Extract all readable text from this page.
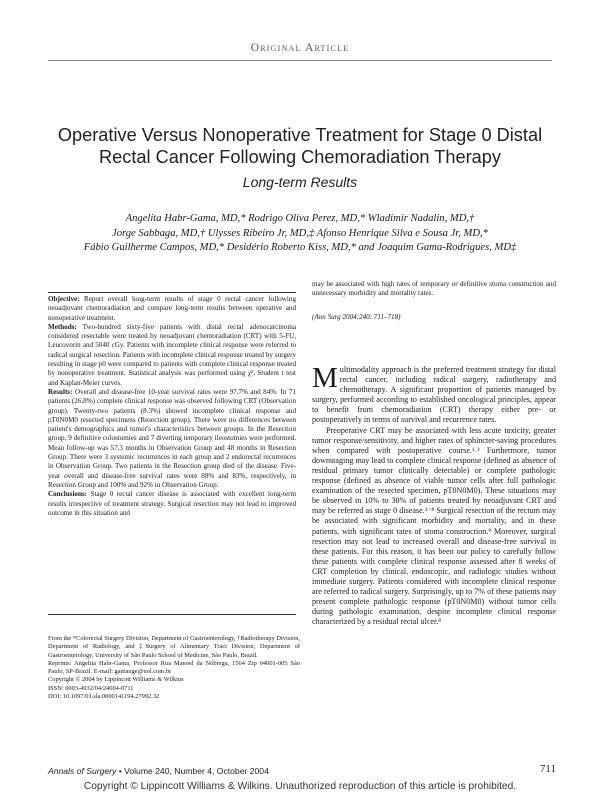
Original Article
Operative Versus Nonoperative Treatment for Stage 0 Distal Rectal Cancer Following Chemoradiation Therapy
Long-term Results
Angelita Habr-Gama, MD,* Rodrigo Oliva Perez, MD,* Wladimir Nadalin, MD,†
Jorge Sabbaga, MD,† Ulysses Ribeiro Jr, MD,‡ Afonso Henrique Silva e Sousa Jr, MD,*
Fábio Guilherme Campos, MD,* Desidério Roberto Kiss, MD,* and Joaquim Gama-Rodrigues, MD‡

Objective: Report overall long-term results of stage 0 rectal cancer following neoadjuvant chemoradiation and compare long-term results between operative and nonoperative treatment.

Methods: Two-hundred sixty-five patients with distal rectal adenocarcinoma considered resectable were treated by neoadjuvant chemoradiation (CRT) with 5-FU, Leucovorin and 5040 cGy. Patients with incomplete clinical response were referred to radical surgical resection. Patients with incomplete clinical response treated by surgery resulting in stage p0 were compared to patients with complete clinical response treated by nonoperative treatment. Statistical analysis was performed using χ², Student t test and Kaplan-Meier curves.

Results: Overall and disease-free 10-year survival rates were 97.7% and 84%. In 71 patients (26.8%) complete clinical response was observed following CRT (Observation group). Twenty-two patients (8.3%) showed incomplete clinical response and pT0N0M0 resected specimens (Resection group). There were no differences between patient's demographics and tumor's characteristics between groups. In the Resection group, 9 definitive colostomies and 7 diverting temporary ileostomies were performed. Mean follow-up was 57.3 months in Observation Group and 48 months in Resection Group. There were 3 systemic recurrences in each group and 2 endorectal recurrences in Observation Group. Two patients in the Resection group died of the disease. Five-year overall and disease-free survival rates were 88% and 83%, respectively, in Resection Group and 100% and 92% in Observation Group.

Conclusions: Stage 0 rectal cancer disease is associated with excellent long-term results irrespective of treatment strategy. Surgical resection may not lead to improved outcome in this situation and

From the *Colorectal Surgery Division, Department of Gastroenterology, †Radiotherapy Division, Department of Radiology, and ‡Surgery of Alimentary Tract Division, Department of Gastroenterology, University of São Paulo School of Medicine, São Paulo, Brazil.

Reprints: Angelita Habr-Gama, Professor Rua Manoel da Nóbrega, 1564 Zip 04001-005 São Paulo, SP-Brazil. E-mail: gamange@uol.com.br

Copyright © 2004 by Lippincott Williams & Wilkins

ISSN: 0003-4932/04/24004-0711

DOI: 10.1097/01.sla.0000141194.27992.32

may be associated with high rates of temporary or definitive stoma construction and unnecessary morbidity and mortality rates.

(Ann Surg 2004;240: 711–718)

Multimodality approach is the preferred treatment strategy for distal rectal cancer, including radical surgery, radiotherapy and chemotherapy. A significant proportion of patients managed by surgery, performed according to established oncological principles, appear to benefit from chemoradiation (CRT) therapy either pre- or postoperatively in terms of survival and recurrence rates.

Preoperative CRT may be associated with less acute toxicity, greater tumor response/sensitivity, and higher rates of sphincter-saving procedures when compared with postoperative course.¹˒² Furthermore, tumor downstaging may lead to complete clinical response (defined as absence of residual primary tumor clinically detectable) or complete pathologic response (defined as absence of viable tumor cells after full pathologic examination of the resected specimen, pT0N0M0). These situations may be observed in 10% to 30% of patients treated by neoadjuvant CRT and may be referred as stage 0 disease.³⁻⁸ Surgical resection of the rectum may be associated with significant morbidity and mortality, and in these patients, with significant rates of stoma construction.⁹ Moreover, surgical resection may not lead to increased overall and disease-free survival in these patients. For this reason, it has been our policy to carefully follow these patients with complete clinical response assessed after 8 weeks of CRT completion by clinical, endoscopic, and radiologic studies without immediate surgery. Patients considered with incomplete clinical response are referred to radical surgery. Surprisingly, up to 7% of these patients may present complete pathologic response (pT0N0M0) without tumor cells during pathologic examination, despite incomplete clinical response characterized by a residual rectal ulcer.⁸

Annals of Surgery • Volume 240, Number 4, October 2004	711
Copyright © Lippincott Williams & Wilkins. Unauthorized reproduction of this article is prohibited.
